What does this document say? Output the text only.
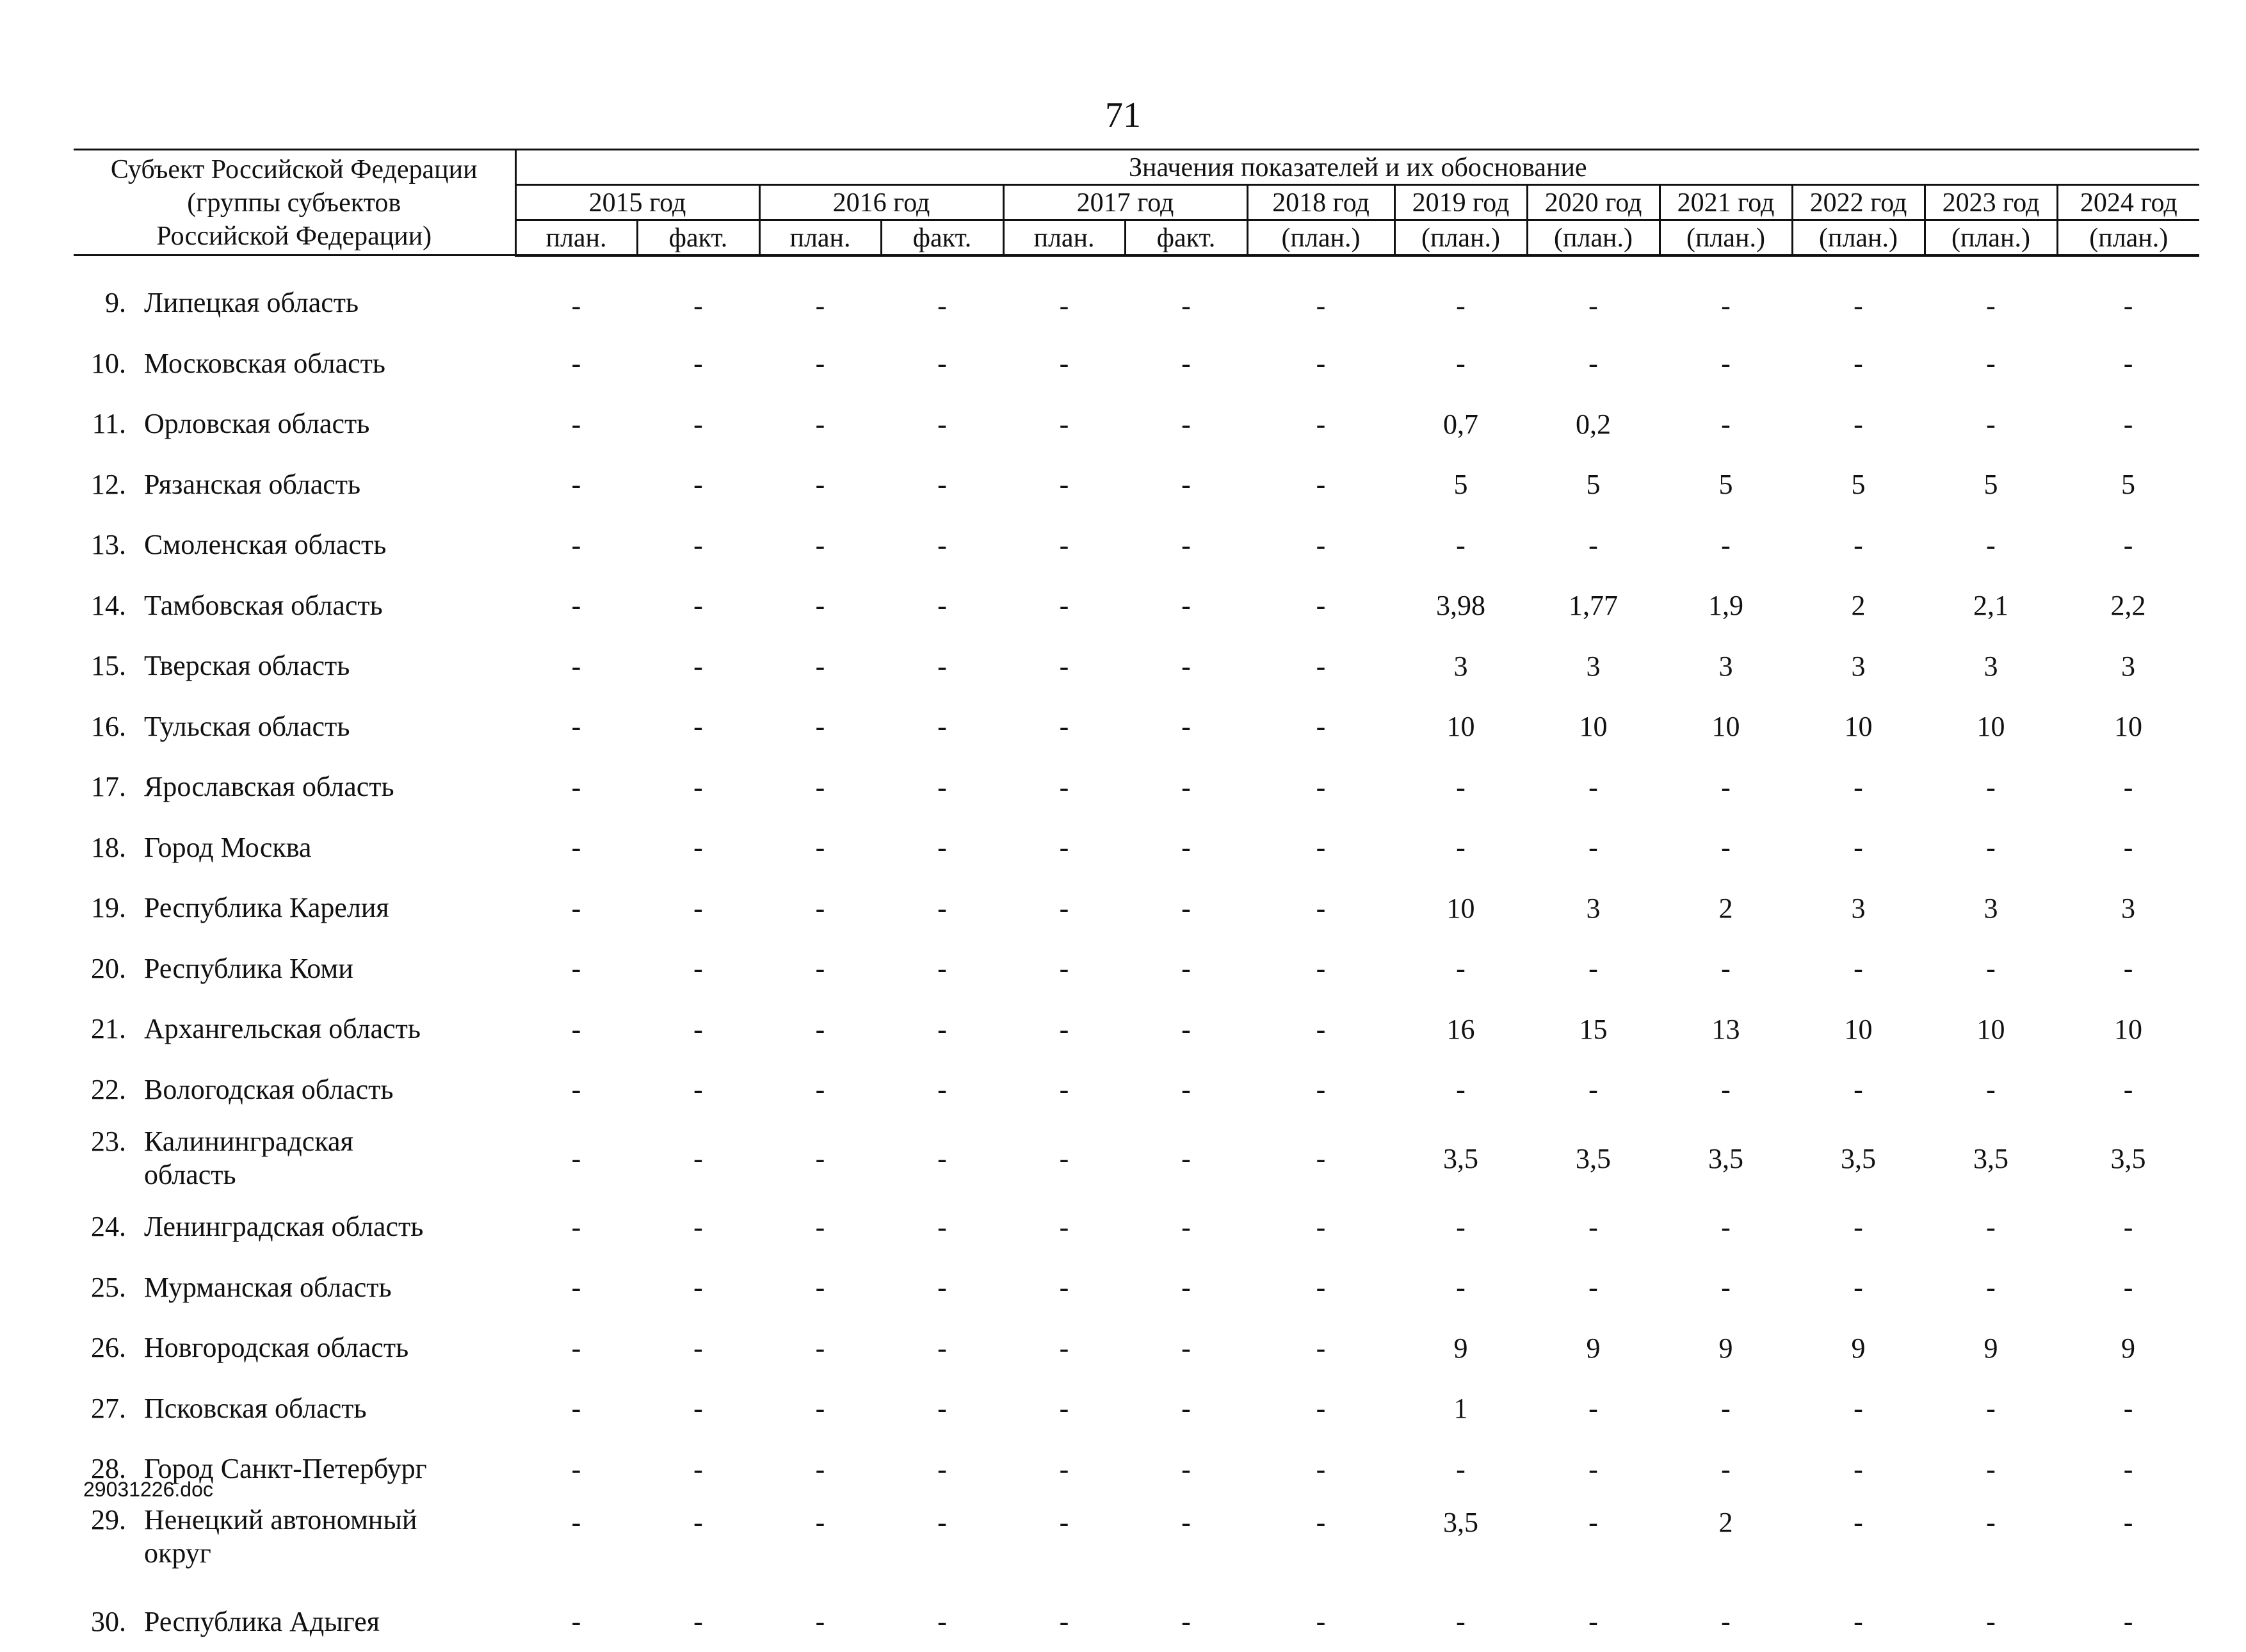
71
Субъект Российской Федерации
(группы субъектов
Российской Федерации)	Значения показателей и их обоснование												
	2015 год		2016 год		2017 год		2018 год	2019 год	2020 год	2021 год	2022 год	2023 год	2024 год
	план.	факт.	план.	факт.	план.	факт.	(план.)	(план.)	(план.)	(план.)	(план.)	(план.)	(план.)
9. Липецкая область	-	-	-	-	-	-	-	-	-	-	-	-	-
10. Московская область	-	-	-	-	-	-	-	-	-	-	-	-	-
11. Орловская область	-	-	-	-	-	-	-	0,7	0,2	-	-	-	-
12. Рязанская область	-	-	-	-	-	-	-	5	5	5	5	5	5
13. Смоленская область	-	-	-	-	-	-	-	-	-	-	-	-	-
14. Тамбовская область	-	-	-	-	-	-	-	3,98	1,77	1,9	2	2,1	2,2
15. Тверская область	-	-	-	-	-	-	-	3	3	3	3	3	3
16. Тульская область	-	-	-	-	-	-	-	10	10	10	10	10	10
17. Ярославская область	-	-	-	-	-	-	-	-	-	-	-	-	-
18. Город Москва	-	-	-	-	-	-	-	-	-	-	-	-	-
19. Республика Карелия	-	-	-	-	-	-	-	10	3	2	3	3	3
20. Республика Коми	-	-	-	-	-	-	-	-	-	-	-	-	-
21. Архангельская область	-	-	-	-	-	-	-	16	15	13	10	10	10
22. Вологодская область	-	-	-	-	-	-	-	-	-	-	-	-	-
23. Калининградская область	-	-	-	-	-	-	-	3,5	3,5	3,5	3,5	3,5	3,5
24. Ленинградская область	-	-	-	-	-	-	-	-	-	-	-	-	-
25. Мурманская область	-	-	-	-	-	-	-	-	-	-	-	-	-
26. Новгородская область	-	-	-	-	-	-	-	9	9	9	9	9	9
27. Псковская область	-	-	-	-	-	-	-	1	-	-	-	-	-
28. Город Санкт-Петербург	-	-	-	-	-	-	-	-	-	-	-	-	-
29. Ненецкий автономный округ	-	-	-	-	-	-	-	3,5	-	2	-	-	-
30. Республика Адыгея	-	-	-	-	-	-	-	-	-	-	-	-	-
29031226.doc
